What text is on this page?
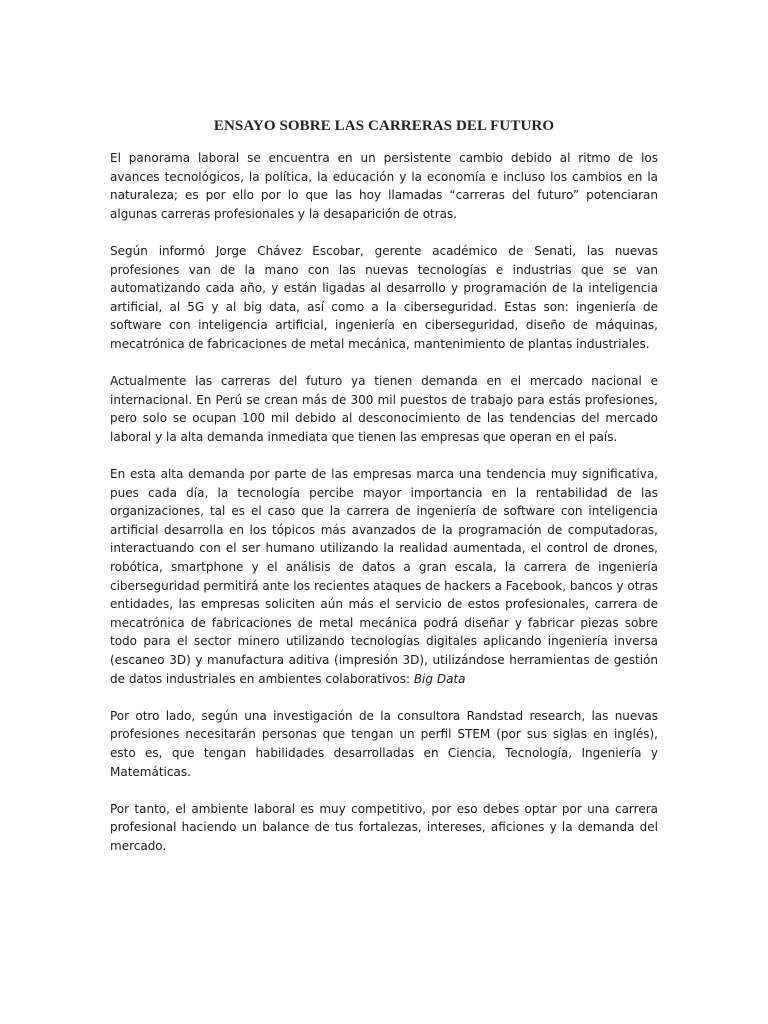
ENSAYO SOBRE LAS CARRERAS DEL FUTURO

El panorama laboral se encuentra en un persistente cambio debido al ritmo de los avances tecnológicos, la política, la educación y la economía e incluso los cambios en la naturaleza; es por ello por lo que las hoy llamadas “carreras del futuro” potenciaran algunas carreras profesionales y la desaparición de otras.

Según informó Jorge Chávez Escobar, gerente académico de Senati, las nuevas profesiones van de la mano con las nuevas tecnologías e industrias que se van automatizando cada año, y están ligadas al desarrollo y programación de la inteligencia artificial, al 5G y al big data, así como a la ciberseguridad. Estas son: ingeniería de software con inteligencia artificial, ingeniería en ciberseguridad, diseño de máquinas, mecatrónica de fabricaciones de metal mecánica, mantenimiento de plantas industriales.

Actualmente las carreras del futuro ya tienen demanda en el mercado nacional e internacional. En Perú se crean más de 300 mil puestos de trabajo para estás profesiones, pero solo se ocupan 100 mil debido al desconocimiento de las tendencias del mercado laboral y la alta demanda inmediata que tienen las empresas que operan en el país.

En esta alta demanda por parte de las empresas marca una tendencia muy significativa, pues cada día, la tecnología percibe mayor importancia en la rentabilidad de las organizaciones, tal es el caso que la carrera de ingeniería de software con inteligencia artificial desarrolla en los tópicos más avanzados de la programación de computadoras, interactuando con el ser humano utilizando la realidad aumentada, el control de drones, robótica, smartphone y el análisis de datos a gran escala, la carrera de ingeniería ciberseguridad permitirá ante los recientes ataques de hackers a Facebook, bancos y otras entidades, las empresas soliciten aún más el servicio de estos profesionales, carrera de mecatrónica de fabricaciones de metal mecánica podrá diseñar y fabricar piezas sobre todo para el sector minero utilizando tecnologías digitales aplicando ingeniería inversa (escaneo 3D) y manufactura aditiva (impresión 3D), utilizándose herramientas de gestión de datos industriales en ambientes colaborativos: Big Data

Por otro lado, según una investigación de la consultora Randstad research, las nuevas profesiones necesitarán personas que tengan un perfil STEM (por sus siglas en inglés), esto es, que tengan habilidades desarrolladas en Ciencia, Tecnología, Ingeniería y Matemáticas.

Por tanto, el ambiente laboral es muy competitivo, por eso debes optar por una carrera profesional haciendo un balance de tus fortalezas, intereses, aficiones y la demanda del mercado.
